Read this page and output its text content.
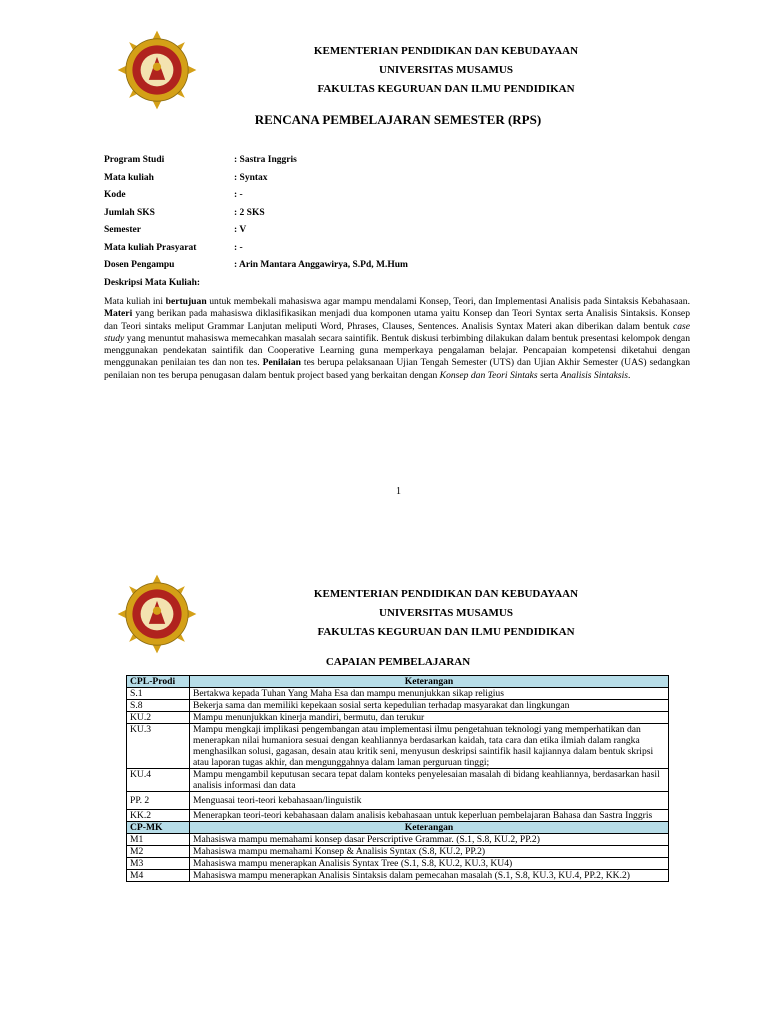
KEMENTERIAN PENDIDIKAN DAN KEBUDAYAAN
UNIVERSITAS MUSAMUS
FAKULTAS KEGURUAN DAN ILMU PENDIDIKAN
RENCANA PEMBELAJARAN SEMESTER (RPS)
Program Studi	: Sastra Inggris
Mata kuliah	: Syntax
Kode	: -
Jumlah SKS	: 2 SKS
Semester	: V
Mata kuliah Prasyarat	: -
Dosen Pengampu	: Arin Mantara Anggawirya, S.Pd, M.Hum
Deskripsi Mata Kuliah:
Mata kuliah ini bertujuan untuk membekali mahasiswa agar mampu mendalami Konsep, Teori, dan Implementasi Analisis pada Sintaksis Kebahasaan. Materi yang berikan pada mahasiswa diklasifikasikan menjadi dua komponen utama yaitu Konsep dan Teori Syntax serta Analisis Sintaksis. Konsep dan Teori sintaks meliput Grammar Lanjutan meliputi Word, Phrases, Clauses, Sentences. Analisis Syntax Materi akan diberikan dalam bentuk case study yang menuntut mahasiswa memecahkan masalah secara saintifik. Bentuk diskusi terbimbing dilakukan dalam bentuk presentasi kelompok dengan menggunakan pendekatan saintifik dan Cooperative Learning guna memperkaya pengalaman belajar. Pencapaian kompetensi diketahui dengan menggunakan penilaian tes dan non tes. Penilaian tes berupa pelaksanaan Ujian Tengah Semester (UTS) dan Ujian Akhir Semester (UAS) sedangkan penilaian non tes berupa penugasan dalam bentuk project based yang berkaitan dengan Konsep dan Teori Sintaks serta Analisis Sintaksis.
1
KEMENTERIAN PENDIDIKAN DAN KEBUDAYAAN
UNIVERSITAS MUSAMUS
FAKULTAS KEGURUAN DAN ILMU PENDIDIKAN
CAPAIAN PEMBELAJARAN
CPL-Prodi	Keterangan
S.1	Bertakwa kepada Tuhan Yang Maha Esa dan mampu menunjukkan sikap religius
S.8	Bekerja sama dan memiliki kepekaan sosial serta kepedulian terhadap masyarakat dan lingkungan
KU.2	Mampu menunjukkan kinerja mandiri, bermutu, dan terukur
KU.3	Mampu mengkaji implikasi pengembangan atau implementasi ilmu pengetahuan teknologi yang memperhatikan dan menerapkan nilai humaniora sesuai dengan keahliannya berdasarkan kaidah, tata cara dan etika ilmiah dalam rangka menghasilkan solusi, gagasan, desain atau kritik seni, menyusun deskripsi saintifik hasil kajiannya dalam bentuk skripsi atau laporan tugas akhir, dan mengunggahnya dalam laman perguruan tinggi;
KU.4	Mampu mengambil keputusan secara tepat dalam konteks penyelesaian masalah di bidang keahliannya, berdasarkan hasil analisis informasi dan data
PP. 2	Menguasai teori-teori kebahasaan/linguistik
KK.2	Menerapkan teori-teori kebahasaan dalam analisis kebahasaan untuk keperluan pembelajaran Bahasa dan Sastra Inggris
CP-MK	Keterangan
M1	Mahasiswa mampu memahami konsep dasar Perscriptive Grammar. (S.1, S.8, KU.2, PP.2)
M2	Mahasiswa mampu memahami Konsep & Analisis Syntax (S.8, KU.2, PP.2)
M3	Mahasiswa mampu menerapkan Analisis Syntax Tree (S.1, S.8, KU.2, KU.3, KU4)
M4	Mahasiswa mampu menerapkan Analisis Sintaksis dalam pemecahan masalah (S.1, S.8, KU.3, KU.4, PP.2, KK.2)
